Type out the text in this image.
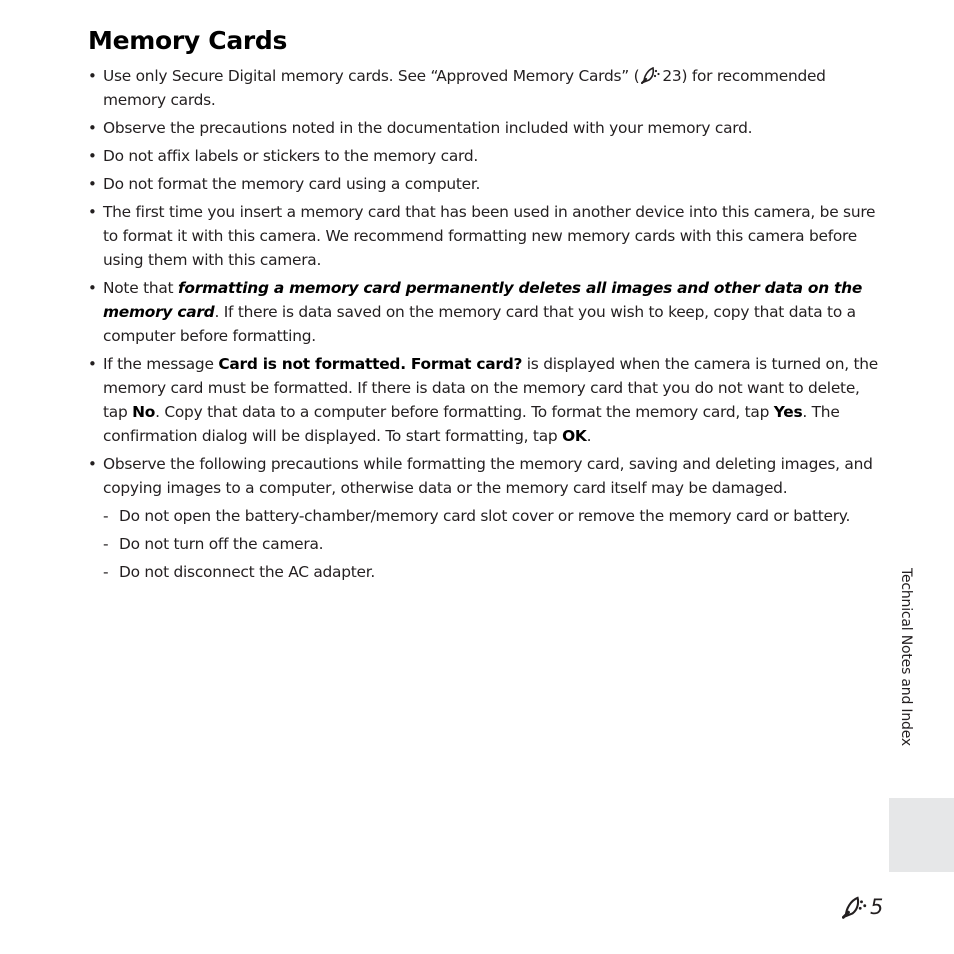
Memory Cards
• Use only Secure Digital memory cards. See “Approved Memory Cards” ( 23) for recommended memory cards.
• Observe the precautions noted in the documentation included with your memory card.
• Do not affix labels or stickers to the memory card.
• Do not format the memory card using a computer.
• The first time you insert a memory card that has been used in another device into this camera, be sure to format it with this camera. We recommend formatting new memory cards with this camera before using them with this camera.
• Note that formatting a memory card permanently deletes all images and other data on the memory card. If there is data saved on the memory card that you wish to keep, copy that data to a computer before formatting.
• If the message Card is not formatted. Format card? is displayed when the camera is turned on, the memory card must be formatted. If there is data on the memory card that you do not want to delete, tap No. Copy that data to a computer before formatting. To format the memory card, tap Yes. The confirmation dialog will be displayed. To start formatting, tap OK.
• Observe the following precautions while formatting the memory card, saving and deleting images, and copying images to a computer, otherwise data or the memory card itself may be damaged.
- Do not open the battery-chamber/memory card slot cover or remove the memory card or battery.
- Do not turn off the camera.
- Do not disconnect the AC adapter.	Technical Notes and Index
5
